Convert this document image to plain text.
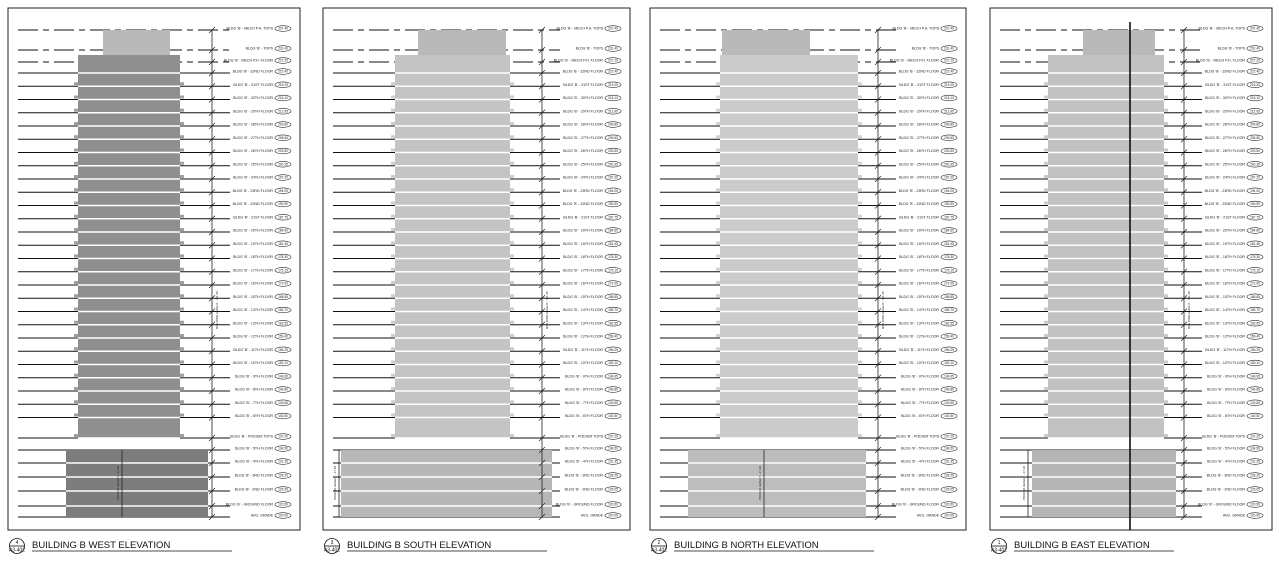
BUILDING HEIGHT - 111.60
PODIUM HEIGHT - 17.20
237.40
BLDG 'B' - MECH P.H. TOPS
231.40
BLDG 'B' - TOPS
227.20
BLDG 'B' - MECH P.H. FLOOR
222.40
BLDG 'B' - 32ND FLOOR
219.25
BLDG 'B' - 31ST FLOOR
216.10
BLDG 'B' - 30TH FLOOR
212.95
BLDG 'B' - 29TH FLOOR
209.80
BLDG 'B' - 28TH FLOOR
206.65
BLDG 'B' - 27TH FLOOR
203.50
BLDG 'B' - 26TH FLOOR
200.35
BLDG 'B' - 25TH FLOOR
197.20
BLDG 'B' - 24TH FLOOR
194.05
BLDG 'B' - 23RD FLOOR
190.90
BLDG 'B' - 22ND FLOOR
187.75
BLDG 'B' - 21ST FLOOR
184.60
BLDG 'B' - 20TH FLOOR
181.45
BLDG 'B' - 19TH FLOOR
178.30
BLDG 'B' - 18TH FLOOR
175.15
BLDG 'B' - 17TH FLOOR
172.00
BLDG 'B' - 16TH FLOOR
168.85
BLDG 'B' - 15TH FLOOR
165.70
BLDG 'B' - 14TH FLOOR
162.55
BLDG 'B' - 13TH FLOOR
159.40
BLDG 'B' - 12TH FLOOR
156.25
BLDG 'B' - 11TH FLOOR
153.10
BLDG 'B' - 10TH FLOOR
149.95
BLDG 'B' - 9TH FLOOR
146.80
BLDG 'B' - 8TH FLOOR
143.65
BLDG 'B' - 7TH FLOOR
140.50
BLDG 'B' - 6TH FLOOR
137.20
BLDG 'B' - PODIUM TOPS
134.50
BLDG 'B' - 5TH FLOOR
131.35
BLDG 'B' - 4TH FLOOR
128.20
BLDG 'B' - 3RD FLOOR
125.05
BLDG 'B' - 2ND FLOOR
120.50
BLDG 'B' - GROUND FLOOR
120.00
AVG. GRADE
4
A3-402 BUILDING B WEST ELEVATION
BUILDING HEIGHT - 111.60
PODIUM HEIGHT - 17.20
237.40
BLDG 'B' - MECH P.H. TOPS
231.40
BLDG 'B' - TOPS
227.20
BLDG 'B' - MECH P.H. FLOOR
222.40
BLDG 'B' - 32ND FLOOR
219.25
BLDG 'B' - 31ST FLOOR
216.10
BLDG 'B' - 30TH FLOOR
212.95
BLDG 'B' - 29TH FLOOR
209.80
BLDG 'B' - 28TH FLOOR
206.65
BLDG 'B' - 27TH FLOOR
203.50
BLDG 'B' - 26TH FLOOR
200.35
BLDG 'B' - 25TH FLOOR
197.20
BLDG 'B' - 24TH FLOOR
194.05
BLDG 'B' - 23RD FLOOR
190.90
BLDG 'B' - 22ND FLOOR
187.75
BLDG 'B' - 21ST FLOOR
184.60
BLDG 'B' - 20TH FLOOR
181.45
BLDG 'B' - 19TH FLOOR
178.30
BLDG 'B' - 18TH FLOOR
175.15
BLDG 'B' - 17TH FLOOR
172.00
BLDG 'B' - 16TH FLOOR
168.85
BLDG 'B' - 15TH FLOOR
165.70
BLDG 'B' - 14TH FLOOR
162.55
BLDG 'B' - 13TH FLOOR
159.40
BLDG 'B' - 12TH FLOOR
156.25
BLDG 'B' - 11TH FLOOR
153.10
BLDG 'B' - 10TH FLOOR
149.95
BLDG 'B' - 9TH FLOOR
146.80
BLDG 'B' - 8TH FLOOR
143.65
BLDG 'B' - 7TH FLOOR
140.50
BLDG 'B' - 6TH FLOOR
137.20
BLDG 'B' - PODIUM TOPS
134.50
BLDG 'B' - 5TH FLOOR
131.35
BLDG 'B' - 4TH FLOOR
128.20
BLDG 'B' - 3RD FLOOR
125.05
BLDG 'B' - 2ND FLOOR
120.50
BLDG 'B' - GROUND FLOOR
120.00
AVG. GRADE
3
A3-402 BUILDING B SOUTH ELEVATION
BUILDING HEIGHT - 111.60
PODIUM HEIGHT - 17.20
237.40
BLDG 'B' - MECH P.H. TOPS
231.40
BLDG 'B' - TOPS
227.20
BLDG 'B' - MECH P.H. FLOOR
222.40
BLDG 'B' - 32ND FLOOR
219.25
BLDG 'B' - 31ST FLOOR
216.10
BLDG 'B' - 30TH FLOOR
212.95
BLDG 'B' - 29TH FLOOR
209.80
BLDG 'B' - 28TH FLOOR
206.65
BLDG 'B' - 27TH FLOOR
203.50
BLDG 'B' - 26TH FLOOR
200.35
BLDG 'B' - 25TH FLOOR
197.20
BLDG 'B' - 24TH FLOOR
194.05
BLDG 'B' - 23RD FLOOR
190.90
BLDG 'B' - 22ND FLOOR
187.75
BLDG 'B' - 21ST FLOOR
184.60
BLDG 'B' - 20TH FLOOR
181.45
BLDG 'B' - 19TH FLOOR
178.30
BLDG 'B' - 18TH FLOOR
175.15
BLDG 'B' - 17TH FLOOR
172.00
BLDG 'B' - 16TH FLOOR
168.85
BLDG 'B' - 15TH FLOOR
165.70
BLDG 'B' - 14TH FLOOR
162.55
BLDG 'B' - 13TH FLOOR
159.40
BLDG 'B' - 12TH FLOOR
156.25
BLDG 'B' - 11TH FLOOR
153.10
BLDG 'B' - 10TH FLOOR
149.95
BLDG 'B' - 9TH FLOOR
146.80
BLDG 'B' - 8TH FLOOR
143.65
BLDG 'B' - 7TH FLOOR
140.50
BLDG 'B' - 6TH FLOOR
137.20
BLDG 'B' - PODIUM TOPS
134.50
BLDG 'B' - 5TH FLOOR
131.35
BLDG 'B' - 4TH FLOOR
128.20
BLDG 'B' - 3RD FLOOR
125.05
BLDG 'B' - 2ND FLOOR
120.50
BLDG 'B' - GROUND FLOOR
120.00
AVG. GRADE
2
A3-402 BUILDING B NORTH ELEVATION
BUILDING HEIGHT - 111.60
PODIUM HEIGHT - 17.20
237.40
BLDG 'B' - MECH P.H. TOPS
231.40
BLDG 'B' - TOPS
227.20
BLDG 'B' - MECH P.H. FLOOR
222.40
BLDG 'B' - 32ND FLOOR
219.25
BLDG 'B' - 31ST FLOOR
216.10
BLDG 'B' - 30TH FLOOR
212.95
BLDG 'B' - 29TH FLOOR
209.80
BLDG 'B' - 28TH FLOOR
206.65
BLDG 'B' - 27TH FLOOR
203.50
BLDG 'B' - 26TH FLOOR
200.35
BLDG 'B' - 25TH FLOOR
197.20
BLDG 'B' - 24TH FLOOR
194.05
BLDG 'B' - 23RD FLOOR
190.90
BLDG 'B' - 22ND FLOOR
187.75
BLDG 'B' - 21ST FLOOR
184.60
BLDG 'B' - 20TH FLOOR
181.45
BLDG 'B' - 19TH FLOOR
178.30
BLDG 'B' - 18TH FLOOR
175.15
BLDG 'B' - 17TH FLOOR
172.00
BLDG 'B' - 16TH FLOOR
168.85
BLDG 'B' - 15TH FLOOR
165.70
BLDG 'B' - 14TH FLOOR
162.55
BLDG 'B' - 13TH FLOOR
159.40
BLDG 'B' - 12TH FLOOR
156.25
BLDG 'B' - 11TH FLOOR
153.10
BLDG 'B' - 10TH FLOOR
149.95
BLDG 'B' - 9TH FLOOR
146.80
BLDG 'B' - 8TH FLOOR
143.65
BLDG 'B' - 7TH FLOOR
140.50
BLDG 'B' - 6TH FLOOR
137.20
BLDG 'B' - PODIUM TOPS
134.50
BLDG 'B' - 5TH FLOOR
131.35
BLDG 'B' - 4TH FLOOR
128.20
BLDG 'B' - 3RD FLOOR
125.05
BLDG 'B' - 2ND FLOOR
120.50
BLDG 'B' - GROUND FLOOR
120.00
AVG. GRADE
1
A3-402 BUILDING B EAST ELEVATION
